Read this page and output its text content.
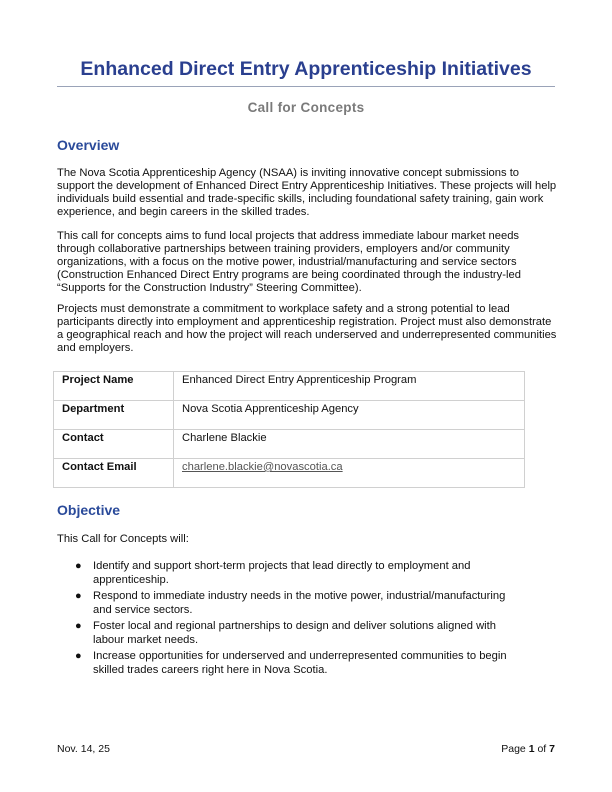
Enhanced Direct Entry Apprenticeship Initiatives
Call for Concepts
Overview
The Nova Scotia Apprenticeship Agency (NSAA) is inviting innovative concept submissions to support the development of Enhanced Direct Entry Apprenticeship Initiatives. These projects will help individuals build essential and trade-specific skills, including foundational safety training, gain work experience, and begin careers in the skilled trades.
This call for concepts aims to fund local projects that address immediate labour market needs through collaborative partnerships between training providers, employers and/or community organizations, with a focus on the motive power, industrial/manufacturing and service sectors (Construction Enhanced Direct Entry programs are being coordinated through the industry-led “Supports for the Construction Industry” Steering Committee).
Projects must demonstrate a commitment to workplace safety and a strong potential to lead participants directly into employment and apprenticeship registration. Project must also demonstrate a geographical reach and how the project will reach underserved and underrepresented communities and employers.
Project Name	Enhanced Direct Entry Apprenticeship Program
Department	Nova Scotia Apprenticeship Agency
Contact	Charlene Blackie
Contact Email	charlene.blackie@novascotia.ca
Objective
This Call for Concepts will:
● Identify and support short-term projects that lead directly to employment and apprenticeship.
● Respond to immediate industry needs in the motive power, industrial/manufacturing and service sectors.
● Foster local and regional partnerships to design and deliver solutions aligned with labour market needs.
● Increase opportunities for underserved and underrepresented communities to begin skilled trades careers right here in Nova Scotia.
Nov. 14, 25	Page 1 of 7
